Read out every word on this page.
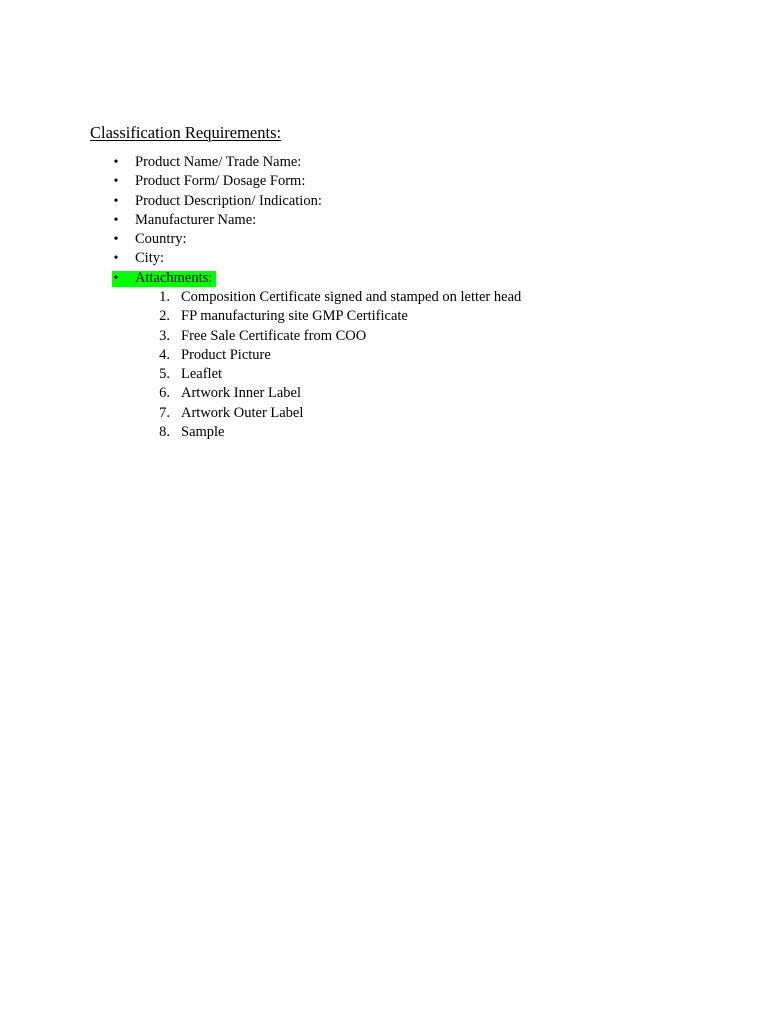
Classification Requirements:
• Product Name/ Trade Name:
• Product Form/ Dosage Form:
• Product Description/ Indication:
• Manufacturer Name:
• Country:
• City:
• Attachments:
1. Composition Certificate signed and stamped on letter head
2. FP manufacturing site GMP Certificate
3. Free Sale Certificate from COO
4. Product Picture
5. Leaflet
6. Artwork Inner Label
7. Artwork Outer Label
8. Sample
